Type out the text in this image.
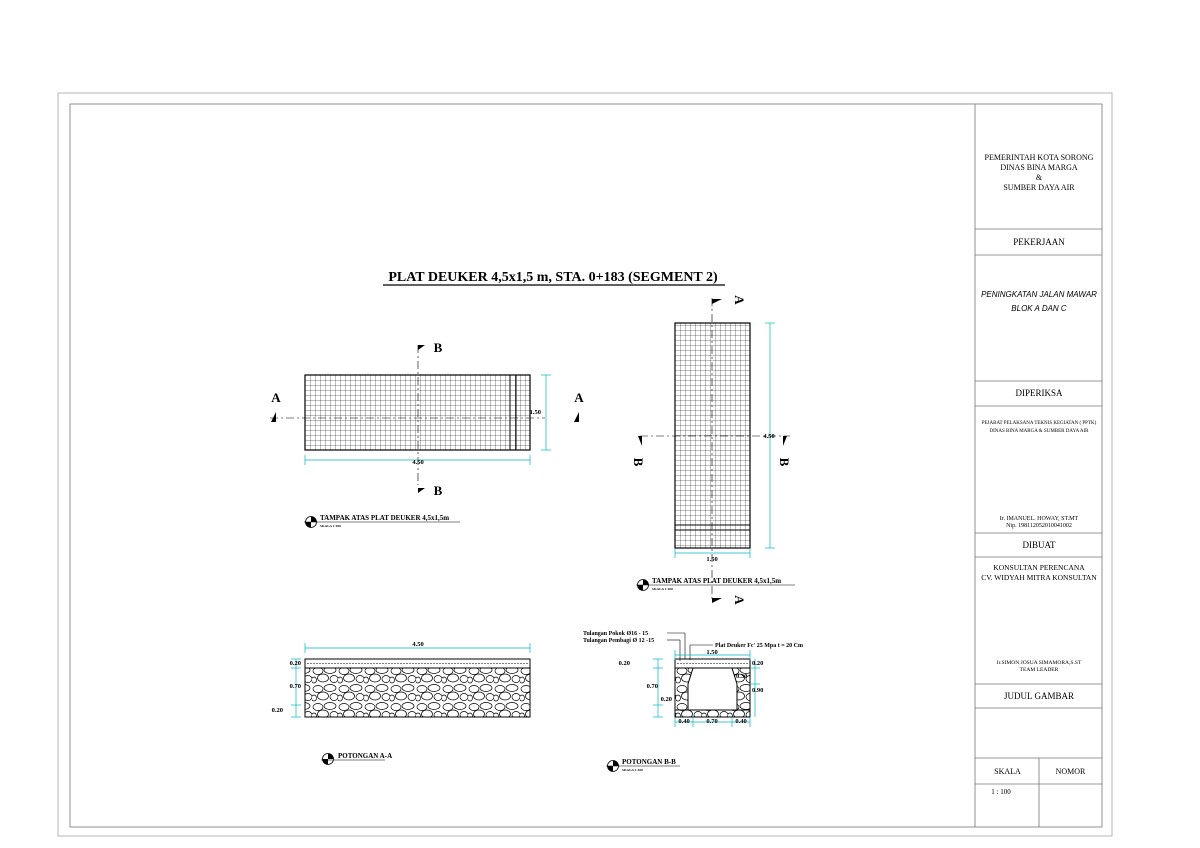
PLAT DEUKER 4,5x1,5 m, STA. 0+183 (SEGMENT 2)
A	A
B
B
4.50
1.50
TAMPAK ATAS PLAT DEUKER 4,5x1,5m
SKALA 1:100
A
A
B	B
4.50
1.50
TAMPAK ATAS PLAT DEUKER 4,5x1,5m
SKALA 1:100
4.50
0.20
0.70
0.20
POTONGAN A-A
Tulangan Pokok Ø16 - 15
Tulangan Pembagi Ø 12 -15
Plat Deuker Fc' 25 Mpa t = 20 Cm
1.50
0.20
0.70
0.20
0.20
0.30
0.90
0.40	0.70	0.40
POTONGAN B-B
SKALA 1:100
PEMERINTAH KOTA SORONG
DINAS BINA MARGA
&
SUMBER DAYA AIR
PEKERJAAN
PENINGKATAN JALAN MAWAR
BLOK A DAN C
DIPERIKSA
PEJABAT PELAKSANA TEKNIS KEGIATAN ( PPTK)
DINAS BINA MARGA & SUMBER DAYA AIR
Ir. IMANUEL. HOWAY, ST.MT
Nip. 198112052010041002
DIBUAT
KONSULTAN PERENCANA
CV. WIDYAH MITRA KONSULTAN
Ir.SIMON JOSUA SIMAMORA,S.ST
TEAM LEADER
JUDUL GAMBAR
SKALA	NOMOR
1 : 100
